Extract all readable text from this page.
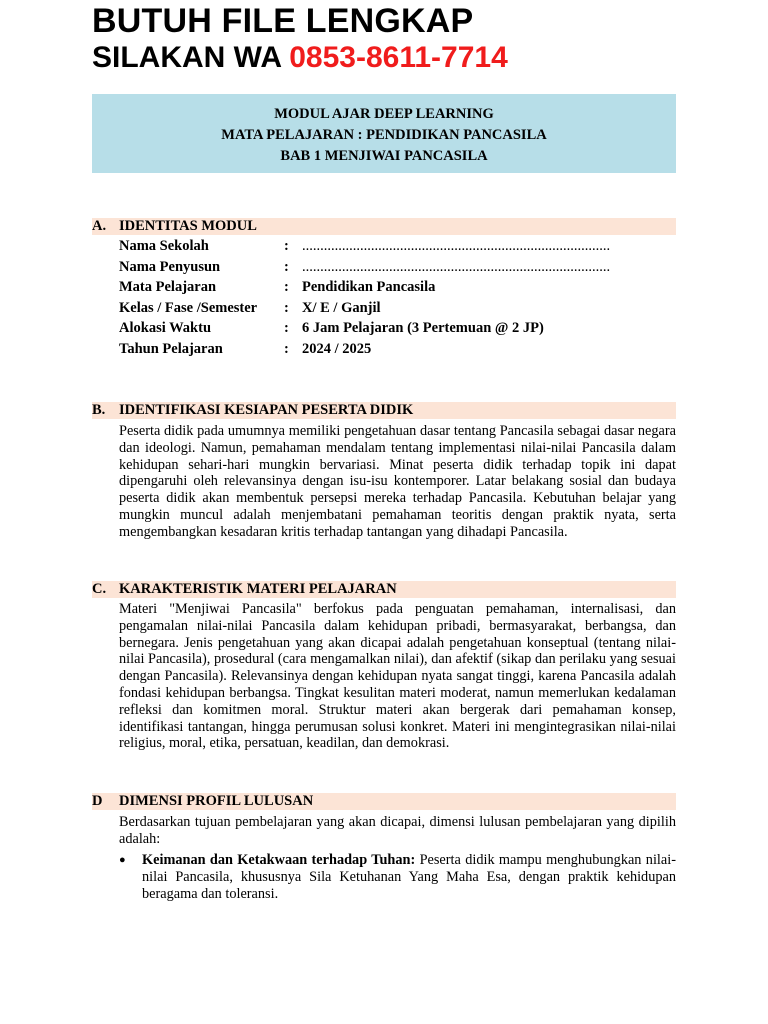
BUTUH FILE LENGKAP
SILAKAN WA 0853-8611-7714
MODUL AJAR DEEP LEARNING
MATA PELAJARAN : PENDIDIKAN PANCASILA
BAB 1 MENJIWAI PANCASILA
A. IDENTITAS MODUL
Nama Sekolah	: .....................................................................................
Nama Penyusun	: .....................................................................................
Mata Pelajaran	: Pendidikan Pancasila
Kelas / Fase /Semester : X/ E / Ganjil
Alokasi Waktu	: 6 Jam Pelajaran (3 Pertemuan @ 2 JP)
Tahun Pelajaran	: 2024 / 2025
B. IDENTIFIKASI KESIAPAN PESERTA DIDIK
Peserta didik pada umumnya memiliki pengetahuan dasar tentang Pancasila sebagai dasar negara dan ideologi. Namun, pemahaman mendalam tentang implementasi nilai-nilai Pancasila dalam kehidupan sehari-hari mungkin bervariasi. Minat peserta didik terhadap topik ini dapat dipengaruhi oleh relevansinya dengan isu-isu kontemporer. Latar belakang sosial dan budaya peserta didik akan membentuk persepsi mereka terhadap Pancasila. Kebutuhan belajar yang mungkin muncul adalah menjembatani pemahaman teoritis dengan praktik nyata, serta mengembangkan kesadaran kritis terhadap tantangan yang dihadapi Pancasila.
C. KARAKTERISTIK MATERI PELAJARAN
Materi "Menjiwai Pancasila" berfokus pada penguatan pemahaman, internalisasi, dan pengamalan nilai-nilai Pancasila dalam kehidupan pribadi, bermasyarakat, berbangsa, dan bernegara. Jenis pengetahuan yang akan dicapai adalah pengetahuan konseptual (tentang nilai-nilai Pancasila), prosedural (cara mengamalkan nilai), dan afektif (sikap dan perilaku yang sesuai dengan Pancasila). Relevansinya dengan kehidupan nyata sangat tinggi, karena Pancasila adalah fondasi kehidupan berbangsa. Tingkat kesulitan materi moderat, namun memerlukan kedalaman refleksi dan komitmen moral. Struktur materi akan bergerak dari pemahaman konsep, identifikasi tantangan, hingga perumusan solusi konkret. Materi ini mengintegrasikan nilai-nilai religius, moral, etika, persatuan, keadilan, dan demokrasi.
D DIMENSI PROFIL LULUSAN
Berdasarkan tujuan pembelajaran yang akan dicapai, dimensi lulusan pembelajaran yang dipilih adalah:
● Keimanan dan Ketakwaan terhadap Tuhan: Peserta didik mampu menghubungkan nilai-nilai Pancasila, khususnya Sila Ketuhanan Yang Maha Esa, dengan praktik kehidupan beragama dan toleransi.
